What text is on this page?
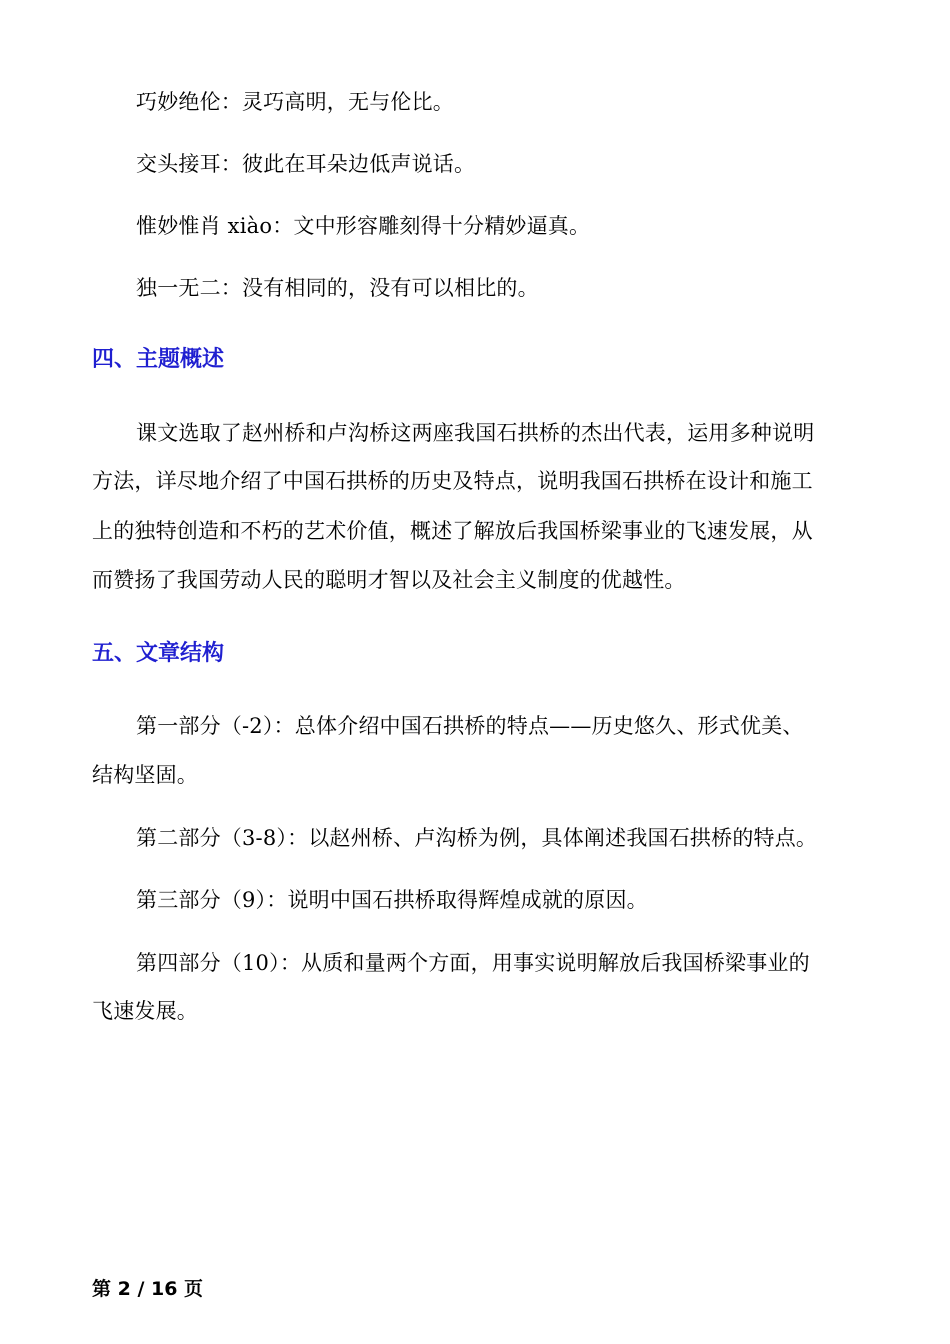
巧妙绝伦：灵巧高明，无与伦比。
交头接耳：彼此在耳朵边低声说话。
惟妙惟肖 xiào：文中形容雕刻得十分精妙逼真。
独一无二：没有相同的，没有可以相比的。
四、主题概述
课文选取了赵州桥和卢沟桥这两座我国石拱桥的杰出代表，运用多种说明
方法，详尽地介绍了中国石拱桥的历史及特点，说明我国石拱桥在设计和施工
上的独特创造和不朽的艺术价值，概述了解放后我国桥梁事业的飞速发展，从
而赞扬了我国劳动人民的聪明才智以及社会主义制度的优越性。
五、文章结构
第一部分（-2）：总体介绍中国石拱桥的特点——历史悠久、形式优美、
结构坚固。
第二部分（3-8）：以赵州桥、卢沟桥为例，具体阐述我国石拱桥的特点。
第三部分（9）：说明中国石拱桥取得辉煌成就的原因。
第四部分（10）：从质和量两个方面，用事实说明解放后我国桥梁事业的
飞速发展。
第 2 / 16 页
